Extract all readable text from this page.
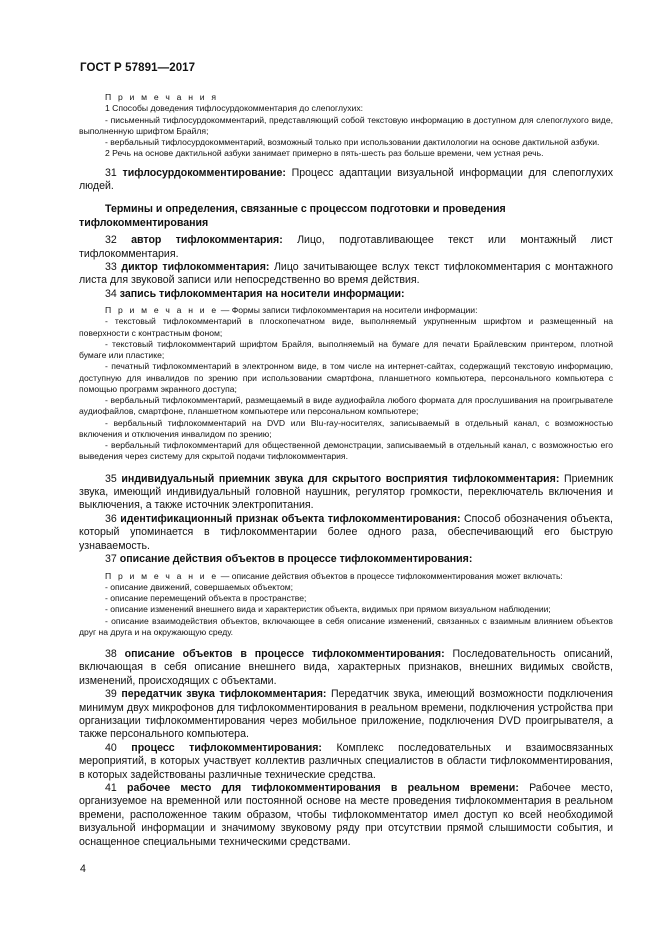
ГОСТ Р 57891—2017

П р и м е ч а н и я

1 Способы доведения тифлосурдокомментария до слепоглухих:

- письменный тифлосурдокомментарий, представляющий собой текстовую информацию в доступном для слепоглухого виде, выполненную шрифтом Брайля;

- вербальный тифлосурдокомментарий, возможный только при использовании дактилологии на основе дактильной азбуки.

2 Речь на основе дактильной азбуки занимает примерно в пять-шесть раз больше времени, чем устная речь.

31 тифлосурдокомментирование: Процесс адаптации визуальной информации для слепоглухих людей.

Термины и определения, связанные с процессом подготовки и проведения тифлокомментирования

32 автор тифлокомментария: Лицо, подготавливающее текст или монтажный лист тифлокомментария.

33 диктор тифлокомментария: Лицо зачитывающее вслух текст тифлокомментария с монтажного листа для звуковой записи или непосредственно во время действия.

34 запись тифлокомментария на носители информации:

П р и м е ч а н и е — Формы записи тифлокомментария на носители информации:

- текстовый тифлокомментарий в плоскопечатном виде, выполняемый укрупненным шрифтом и размещенный на поверхности с контрастным фоном;

- текстовый тифлокомментарий шрифтом Брайля, выполняемый на бумаге для печати Брайлевским принтером, плотной бумаге или пластике;

- печатный тифлокомментарий в электронном виде, в том числе на интернет-сайтах, содержащий текстовую информацию, доступную для инвалидов по зрению при использовании смартфона, планшетного компьютера, персонального компьютера с помощью программ экранного доступа;

- вербальный тифлокомментарий, размещаемый в виде аудиофайла любого формата для прослушивания на проигрывателе аудиофайлов, смартфоне, планшетном компьютере или персональном компьютере;

- вербальный тифлокомментарий на DVD или Blu-ray-носителях, записываемый в отдельный канал, с возможностью включения и отключения инвалидом по зрению;

- вербальный тифлокомментарий для общественной демонстрации, записываемый в отдельный канал, с возможностью его выведения через систему для скрытой подачи тифлокомментария.

35 индивидуальный приемник звука для скрытого восприятия тифлокомментария: Приемник звука, имеющий индивидуальный головной наушник, регулятор громкости, переключатель включения и выключения, а также источник электропитания.

36 идентификационный признак объекта тифлокомментирования: Способ обозначения объекта, который упоминается в тифлокомментарии более одного раза, обеспечивающий его быструю узнаваемость.

37 описание действия объектов в процессе тифлокомментирования:

П р и м е ч а н и е — описание действия объектов в процессе тифлокомментирования может включать:

- описание движений, совершаемых объектом;

- описание перемещений объекта в пространстве;

- описание изменений внешнего вида и характеристик объекта, видимых при прямом визуальном наблюдении;

- описание взаимодействия объектов, включающее в себя описание изменений, связанных с взаимным влиянием объектов друг на друга и на окружающую среду.

38 описание объектов в процессе тифлокомментирования: Последовательность описаний, включающая в себя описание внешнего вида, характерных признаков, внешних видимых свойств, изменений, происходящих с объектами.

39 передатчик звука тифлокомментария: Передатчик звука, имеющий возможности подключения минимум двух микрофонов для тифлокомментирования в реальном времени, подключения устройства при организации тифлокомментирования через мобильное приложение, подключения DVD проигрывателя, а также персонального компьютера.

40 процесс тифлокомментирования: Комплекс последовательных и взаимосвязанных мероприятий, в которых участвует коллектив различных специалистов в области тифлокомментирования, в которых задействованы различные технические средства.

41 рабочее место для тифлокомментирования в реальном времени: Рабочее место, организуемое на временной или постоянной основе на месте проведения тифлокомментария в реальном времени, расположенное таким образом, чтобы тифлокомментатор имел доступ ко всей необходимой визуальной информации и значимому звуковому ряду при отсутствии прямой слышимости события, и оснащенное специальными техническими средствами.

4
